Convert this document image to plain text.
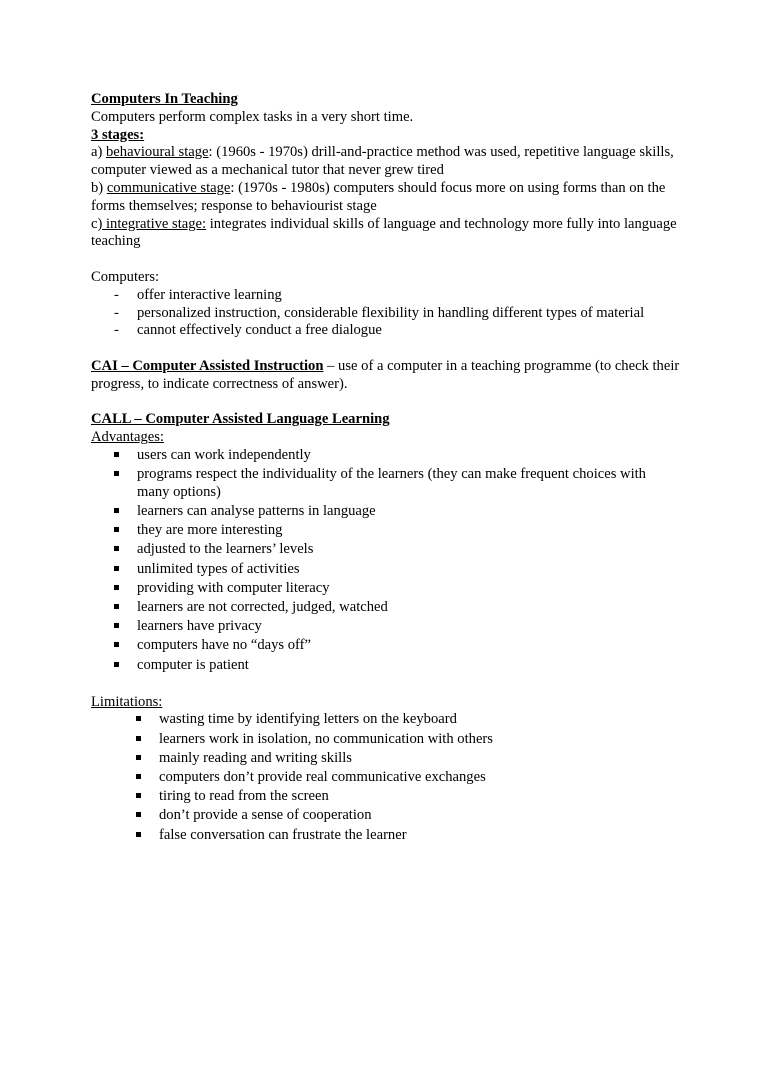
Computers In Teaching

Computers perform complex tasks in a very short time.

3 stages:

a) behavioural stage: (1960s - 1970s) drill-and-practice method was used, repetitive language skills, computer viewed as a mechanical tutor that never grew tired

b) communicative stage: (1970s - 1980s) computers should focus more on using forms than on the forms themselves; response to behaviourist stage

c) integrative stage: integrates individual skills of language and technology more fully into language teaching

Computers:

- offer interactive learning
- personalized instruction, considerable flexibility in handling different types of material
- cannot effectively conduct a free dialogue

CAI – Computer Assisted Instruction – use of a computer in a teaching programme (to check their progress, to indicate correctness of answer).

CALL – Computer Assisted Language Learning

Advantages:

users can work independently
programs respect the individuality of the learners (they can make frequent choices with many options)
learners can analyse patterns in language
they are more interesting
adjusted to the learners’ levels
unlimited types of activities
providing with computer literacy
learners are not corrected, judged, watched
learners have privacy
computers have no “days off”
computer is patient

Limitations:

wasting time by identifying letters on the keyboard
learners work in isolation, no communication with others
mainly reading and writing skills
computers don’t provide real communicative exchanges
tiring to read from the screen
don’t provide a sense of cooperation
false conversation can frustrate the learner
